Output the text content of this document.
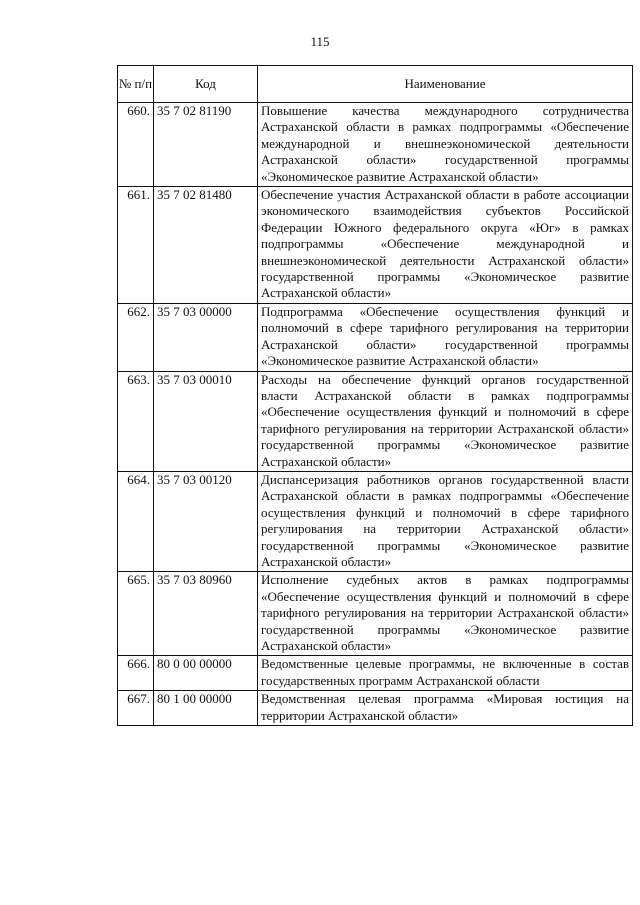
115
№ п/п	Код	Наименование
660.	35 7 02 81190	Повышение качества международного сотрудничества Астраханской области в рамках подпрограммы «Обеспечение международной и внешнеэкономической деятельности Астраханской области» государственной программы «Экономическое развитие Астраханской области»
661.	35 7 02 81480	Обеспечение участия Астраханской области в работе ассоциации экономического взаимодействия субъектов Российской Федерации Южного федерального округа «Юг» в рамках подпрограммы «Обеспечение международной и внешнеэкономической деятельности Астраханской области» государственной программы «Экономическое развитие Астраханской области»
662.	35 7 03 00000	Подпрограмма «Обеспечение осуществления функций и полномочий в сфере тарифного регулирования на территории Астраханской области» государственной программы «Экономическое развитие Астраханской области»
663.	35 7 03 00010	Расходы на обеспечение функций органов государственной власти Астраханской области в рамках подпрограммы «Обеспечение осуществления функций и полномочий в сфере тарифного регулирования на территории Астраханской области» государственной программы «Экономическое развитие Астраханской области»
664.	35 7 03 00120	Диспансеризация работников органов государственной власти Астраханской области в рамках подпрограммы «Обеспечение осуществления функций и полномочий в сфере тарифного регулирования на территории Астраханской области» государственной программы «Экономическое развитие Астраханской области»
665.	35 7 03 80960	Исполнение судебных актов в рамках подпрограммы «Обеспечение осуществления функций и полномочий в сфере тарифного регулирования на территории Астраханской области» государственной программы «Экономическое развитие Астраханской области»
666.	80 0 00 00000	Ведомственные целевые программы, не включенные в состав государственных программ Астраханской области
667.	80 1 00 00000	Ведомственная целевая программа «Мировая юстиция на территории Астраханской области»
